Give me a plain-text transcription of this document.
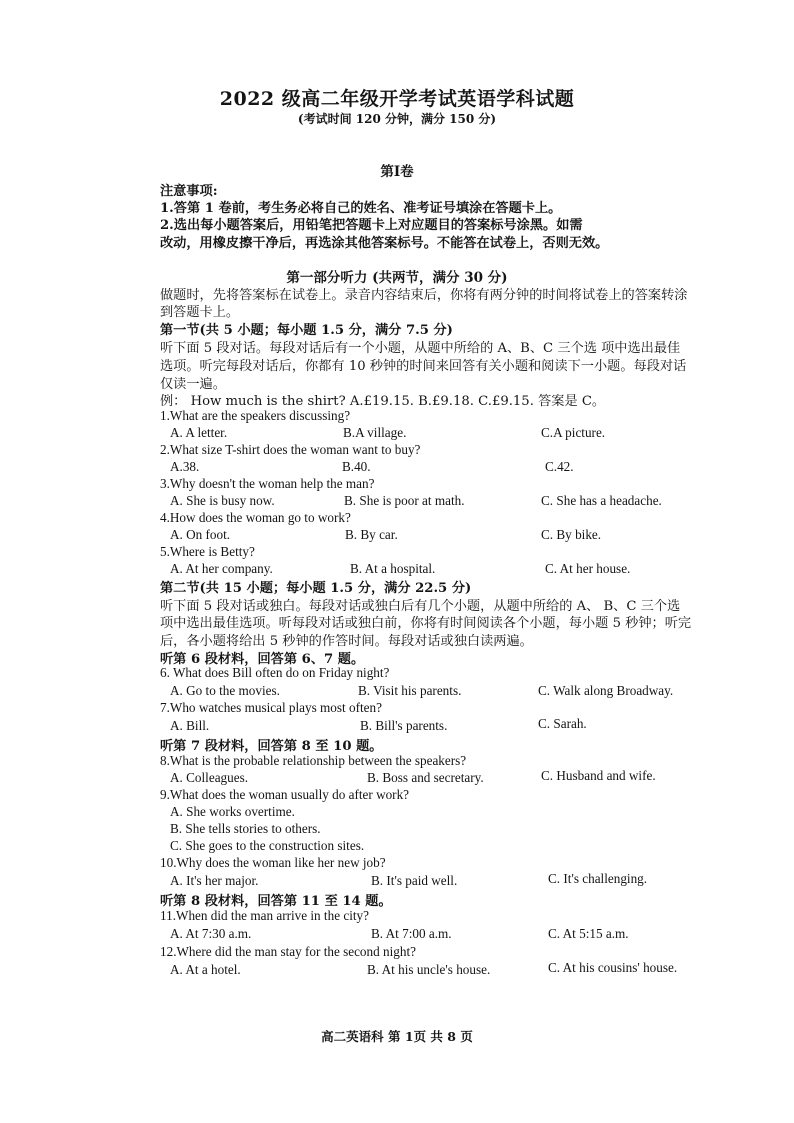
2022 级高二年级开学考试英语学科试题
(考试时间 120 分钟，满分 150 分)
第I卷
注意事项:
1.答第 1 卷前，考生务必将自己的姓名、准考证号填涂在答题卡上。
2.选出每小题答案后，用铅笔把答题卡上对应题目的答案标号涂黑。如需
改动，用橡皮擦干净后，再选涂其他答案标号。不能答在试卷上，否则无效。
第一部分听力 (共两节，满分 30 分)
做题时，先将答案标在试卷上。录音内容结束后，你将有两分钟的时间将试卷上的答案转涂
到答题卡上。
第一节(共 5 小题；每小题 1.5 分，满分 7.5 分)
听下面 5 段对话。每段对话后有一个小题，从题中所给的 A、B、C 三个选 项中选出最佳
选项。听完每段对话后，你都有 10 秒钟的时间来回答有关小题和阅读下一小题。每段对话
仅读一遍。
例： How much is the shirt? A.£19.15. B.£9.18. C.£9.15. 答案是 C。
1.What are the speakers discussing?
A. A letter.	B.A village.	C.A picture.
2.What size T-shirt does the woman want to buy?
A.38.	B.40.	C.42.
3.Why doesn't the woman help the man?
A. She is busy now.	B. She is poor at math.	C. She has a headache.
4.How does the woman go to work?
A. On foot.	B. By car.	C. By bike.
5.Where is Betty?
A. At her company.	B. At a hospital.	C. At her house.
第二节(共 15 小题；每小题 1.5 分，满分 22.5 分)
听下面 5 段对话或独白。每段对话或独白后有几个小题，从题中所给的 A、 B、C 三个选
项中选出最佳选项。听每段对话或独白前，你将有时间阅读各个小题，每小题 5 秒钟；听完
后，各小题将给出 5 秒钟的作答时间。每段对话或独白读两遍。
听第 6 段材料，回答第 6、7 题。
6. What does Bill often do on Friday night?
A. Go to the movies.	B. Visit his parents.	C. Walk along Broadway.
7.Who watches musical plays most often?
A. Bill.	B. Bill's parents.	C. Sarah.
听第 7 段材料，回答第 8 至 10 题。
8.What is the probable relationship between the speakers?
A. Colleagues.	B. Boss and secretary.	C. Husband and wife.
9.What does the woman usually do after work?
A. She works overtime.
B. She tells stories to others.
C. She goes to the construction sites.
10.Why does the woman like her new job?
A. It's her major.	B. It's paid well.	C. It's challenging.
听第 8 段材料，回答第 11 至 14 题。
11.When did the man arrive in the city?
A. At 7:30 a.m.	B. At 7:00 a.m.	C. At 5:15 a.m.
12.Where did the man stay for the second night?
A. At a hotel.	B. At his uncle's house.	C. At his cousins' house.
高二英语科 第 1页 共 8 页
